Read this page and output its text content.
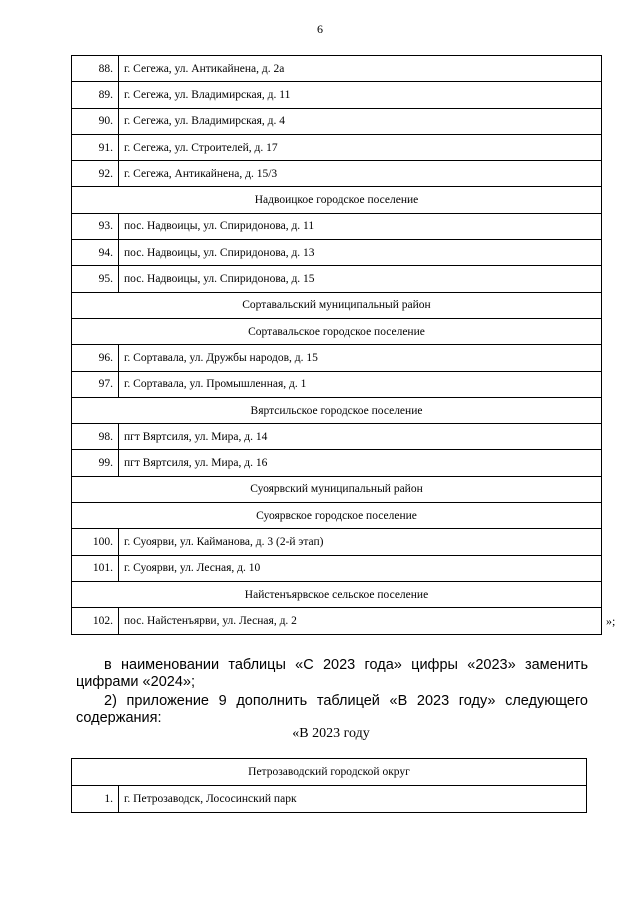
6
88.	г. Сегежа, ул. Антикайнена, д. 2а
89.	г. Сегежа, ул. Владимирская, д. 11
90.	г. Сегежа, ул. Владимирская, д. 4
91.	г. Сегежа, ул. Строителей, д. 17
92.	г. Сегежа, Антикайнена, д. 15/3
Надвоицкое городское поселение	
93.	пос. Надвоицы, ул. Спиридонова, д. 11
94.	пос. Надвоицы, ул. Спиридонова, д. 13
95.	пос. Надвоицы, ул. Спиридонова, д. 15
Сортавальский муниципальный район	
Сортавальское городское поселение	
96.	г. Сортавала, ул. Дружбы народов, д. 15
97.	г. Сортавала, ул. Промышленная, д. 1
Вяртсильское городское поселение	
98.	пгт Вяртсиля, ул. Мира, д. 14
99.	пгт Вяртсиля, ул. Мира, д. 16
Суоярвский муниципальный район	
Суоярвское городское поселение	
100.	г. Суоярви, ул. Кайманова, д. 3 (2-й этап)
101.	г. Суоярви, ул. Лесная, д. 10
Найстенъярвское сельское поселение	
102.	пос. Найстенъярви, ул. Лесная, д. 2	»;
в наименовании таблицы «С 2023 года» цифры «2023» заменить цифрами «2024»;
2) приложение 9 дополнить таблицей «В 2023 году» следующего содержания:
«В 2023 году
Петрозаводский городской округ
1.	г. Петрозаводск, Лососинский парк
